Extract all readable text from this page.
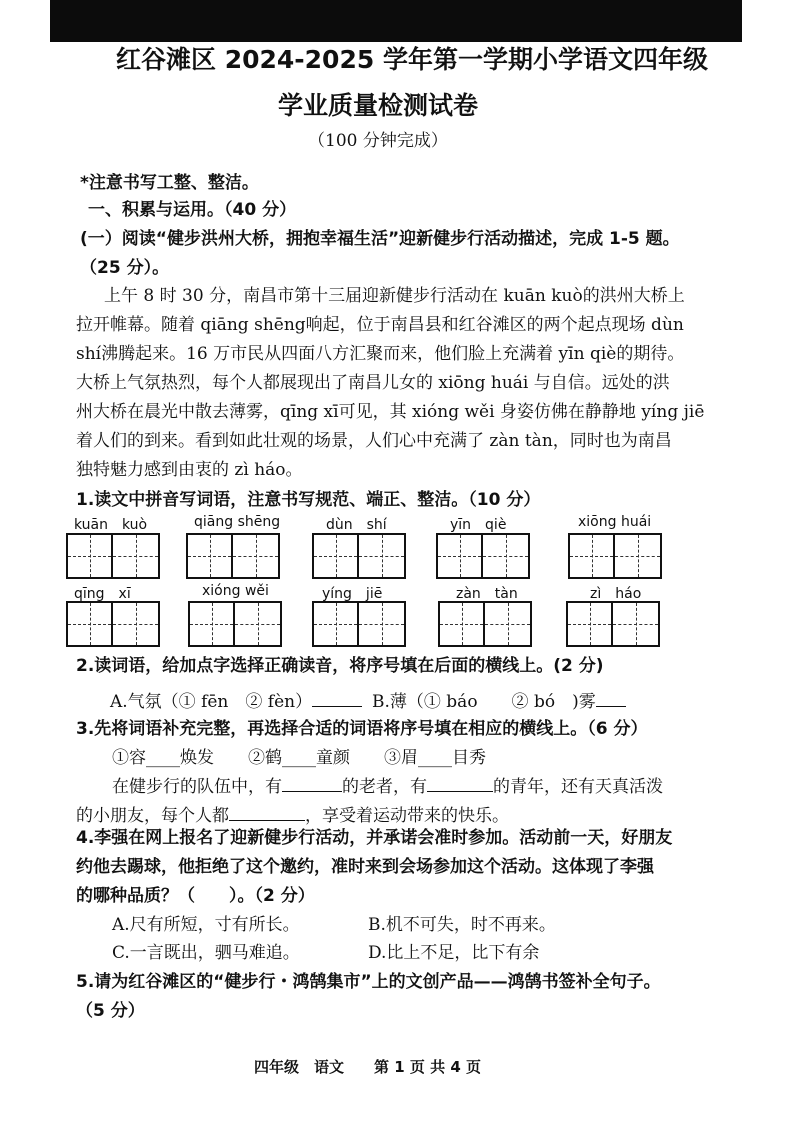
红谷滩区 2024-2025 学年第一学期小学语文四年级
学业质量检测试卷
（100 分钟完成）
*注意书写工整、整洁。
一、积累与运用。（40 分）
(一）阅读“健步洪州大桥，拥抱幸福生活”迎新健步行活动描述，完成 1-5 题。
（25 分）。
上午 8 时 30 分，南昌市第十三届迎新健步行活动在 kuān kuò的洪州大桥上
拉开帷幕。随着 qiāng shēng响起，位于南昌县和红谷滩区的两个起点现场 dùn
shí沸腾起来。16 万市民从四面八方汇聚而来，他们脸上充满着 yīn qiè的期待。
大桥上气氛热烈，每个人都展现出了南昌儿女的 xiōng huái 与自信。远处的洪
州大桥在晨光中散去薄雾，qīng xī可见，其 xióng wěi 身姿仿佛在静静地 yíng jiē
着人们的到来。看到如此壮观的场景，人们心中充满了 zàn tàn，同时也为南昌
独特魅力感到由衷的 zì háo。
1.读文中拼音写词语，注意书写规范、端正、整洁。（10 分）
kuān　kuò	qiāng shēng	dùn　shí	yīn　qiè	xiōng huái
qīng　xī	xióng wěi	yíng　jiē	zàn　tàn	zì　háo
2.读词语，给加点字选择正确读音，将序号填在后面的横线上。(2 分)
A.气氛（① fēn　② fèn）	B.薄（① báo　　② bó　)雾
3.先将词语补充完整，再选择合适的词语将序号填在相应的横线上。（6 分）
①容____焕发　　②鹤____童颜　　③眉____目秀
在健步行的队伍中，有	的老者，有	的青年，还有天真活泼
的小朋友，每个人都	，享受着运动带来的快乐。
4.李强在网上报名了迎新健步行活动，并承诺会准时参加。活动前一天，好朋友
约他去踢球，他拒绝了这个邀约，准时来到会场参加这个活动。这体现了李强
的哪种品质？（　　）。（2 分）
A.尺有所短，寸有所长。	B.机不可失，时不再来。
C.一言既出，驷马难追。	D.比上不足，比下有余
5.请为红谷滩区的“健步行・鸿鹄集市”上的文创产品——鸿鹄书签补全句子。
（5 分）
四年级　语文　　第 1 页 共 4 页
